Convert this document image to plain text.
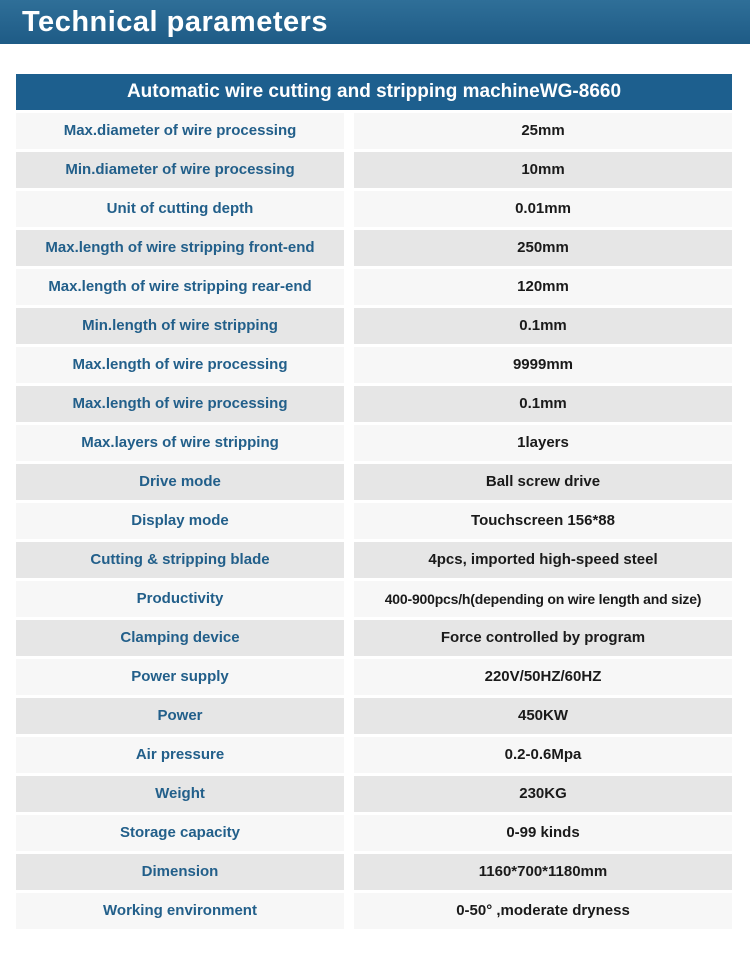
Technical parameters
Automatic wire cutting and stripping machineWG-8660
Max.diameter of wire processing	25mm
Min.diameter of wire processing	10mm
Unit of cutting depth	0.01mm
Max.length of wire stripping front-end	250mm
Max.length of wire stripping rear-end	120mm
Min.length of wire stripping	0.1mm
Max.length of wire processing	9999mm
Max.length of wire processing	0.1mm
Max.layers of wire stripping	1layers
Drive mode	Ball screw drive
Display mode	Touchscreen 156*88
Cutting & stripping blade	4pcs, imported high-speed steel
Productivity	400-900pcs/h(depending on wire length and size)
Clamping device	Force controlled by program
Power supply	220V/50HZ/60HZ
Power	450KW
Air pressure	0.2-0.6Mpa
Weight	230KG
Storage capacity	0-99 kinds
Dimension	1160*700*1180mm
Working environment	0-50° ,moderate dryness
